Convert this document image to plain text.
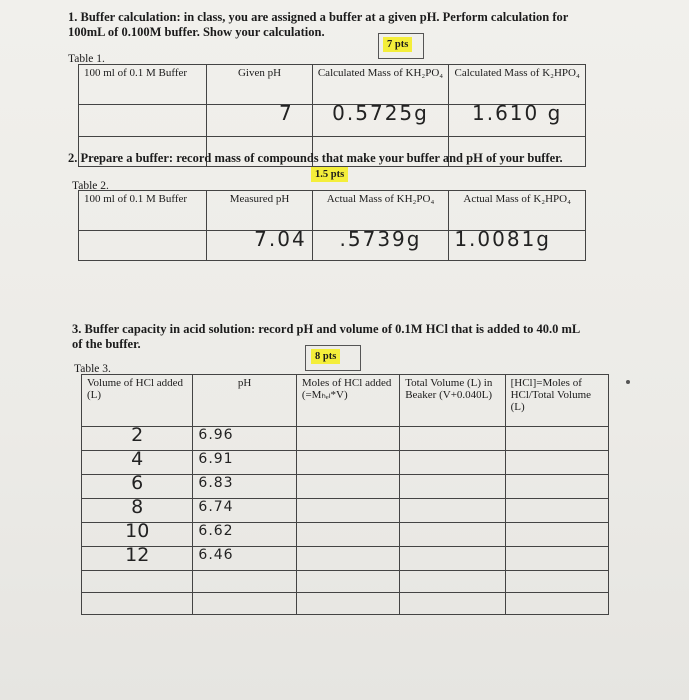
1. Buffer calculation: in class, you are assigned a buffer at a given pH. Perform calculation for
100mL of 0.100M buffer. Show your calculation.
7 pts
Table 1.
100 ml of 0.1 M Buffer	Given pH	Calculated Mass of KH₂PO₄	Calculated Mass of K₂HPO₄
	7	0.5725g	1.610 g

2. Prepare a buffer: record mass of compounds that make your buffer and pH of your buffer.
1.5 pts
Table 2.
100 ml of 0.1 M Buffer	Measured pH	Actual Mass of KH₂PO₄	Actual Mass of K₂HPO₄
	7.04	.5739g	1.0081g
3. Buffer capacity in acid solution: record pH and volume of 0.1M HCl that is added to 40.0 mL
of the buffer.
8 pts
Table 3.
Volume of HCl added (L)	pH	Moles of HCl added (=Mₕₑₗ*V)	Total Volume (L) in Beaker (V+0.040L)	[HCl]=Moles of HCl/Total Volume (L)
2	6.96			
4	6.91			
6	6.83			
8	6.74			
10	6.62			
12	6.46			
